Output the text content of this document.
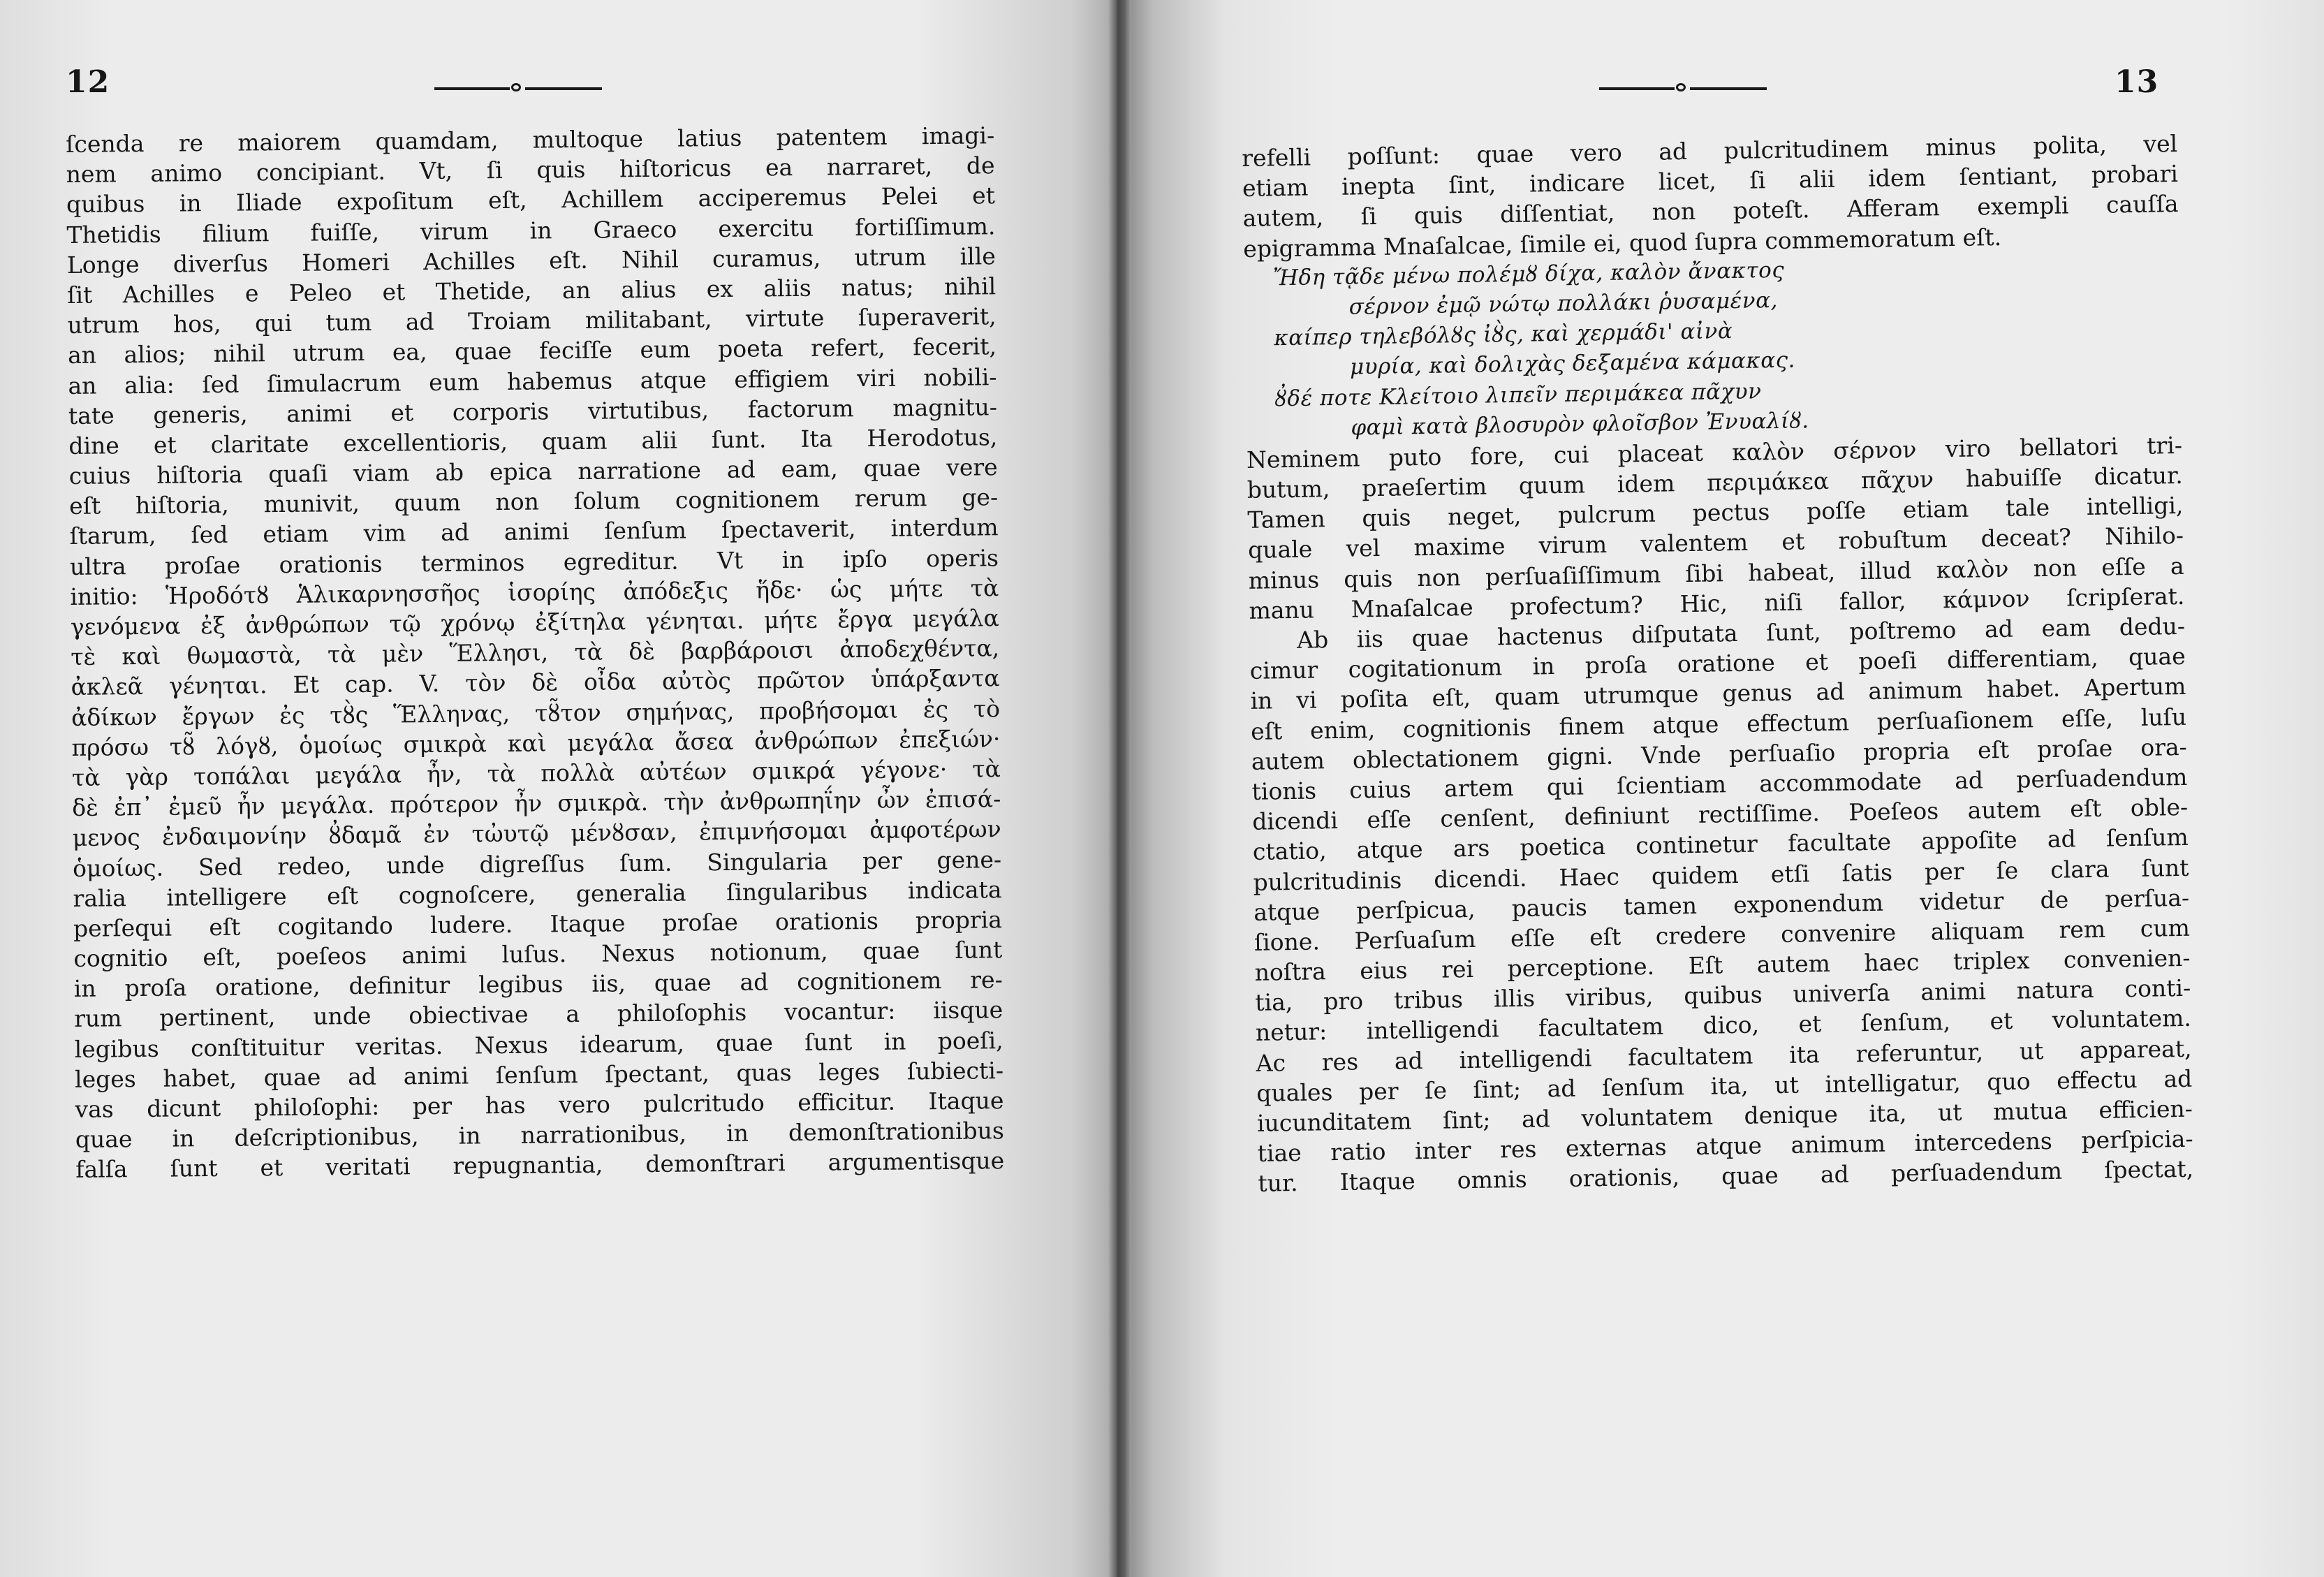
12
ſcenda re maiorem quamdam, multoque latius patentem imagi-
nem animo concipiant. Vt, ſi quis hiſtoricus ea narraret, de
quibus in Iliade expoſitum eſt, Achillem acciperemus Pelei et
Thetidis filium fuiſſe, virum in Graeco exercitu fortiſſimum.
Longe diverſus Homeri Achilles eſt. Nihil curamus, utrum ille
ſit Achilles e Peleo et Thetide, an alius ex aliis natus; nihil
utrum hos, qui tum ad Troiam militabant, virtute ſuperaverit,
an alios; nihil utrum ea, quae feciſſe eum poeta refert, fecerit,
an alia: ſed ſimulacrum eum habemus atque effigiem viri nobili-
tate generis, animi et corporis virtutibus, factorum magnitu-
dine et claritate excellentioris, quam alii ſunt. Ita Herodotus,
cuius hiſtoria quaſi viam ab epica narratione ad eam, quae vere
eſt hiſtoria, munivit, quum non ſolum cognitionem rerum ge-
ſtarum, ſed etiam vim ad animi ſenſum ſpectaverit, interdum
ultra proſae orationis terminos egreditur. Vt in ipſo operis
initio: Ἡροδότȣ Ἁλικαρνησσῆος ἱσορίης ἀπόδεξις ἥδε· ὡς μήτε τὰ
γενόμενα ἐξ ἀνθρώπων τῷ χρόνῳ ἐξίτηλα γένηται. μήτε ἔργα μεγάλα
τὲ καὶ θωμαστὰ, τὰ μὲν Ἕλλησι, τὰ δὲ βαρβάροισι ἀποδεχθέντα,
ἀκλεᾶ γένηται. Et cap. V. τὸν δὲ οἶδα αὐτὸς πρῶτον ὑπάρξαντα
ἀδίκων ἔργων ἐς τȣ̀ς Ἕλληνας, τȣ̃τον σημήνας, προβήσομαι ἐς τὸ
πρόσω τȣ̃ λόγȣ, ὁμοίως σμικρὰ καὶ μεγάλα ἄσεα ἀνθρώπων ἐπεξιών·
τὰ γὰρ τοπάλαι μεγάλα ἦν, τὰ πολλὰ αὐτέων σμικρά γέγονε· τὰ
δὲ ἐπ᾽ ἐμεῦ ἦν μεγάλα. πρότερον ἦν σμικρὰ. τὴν ἀνθρωπηΐην ὦν ἐπισά-
μενος ἐνδαιμονίην ȣ̓δαμᾶ ἐν τὠυτῷ μένȣσαν, ἐπιμνήσομαι ἀμφοτέρων
ὁμοίως. Sed redeo, unde digreſſus ſum. Singularia per gene-
ralia intelligere eſt cognoſcere, generalia ſingularibus indicata
perſequi eſt cogitando ludere. Itaque proſae orationis propria
cognitio eſt, poeſeos animi luſus. Nexus notionum, quae ſunt
in proſa oratione, definitur legibus iis, quae ad cognitionem re-
rum pertinent, unde obiectivae a philoſophis vocantur: iisque
legibus conſtituitur veritas. Nexus idearum, quae ſunt in poeſi,
leges habet, quae ad animi ſenſum ſpectant, quas leges ſubiecti-
vas dicunt philoſophi: per has vero pulcritudo efficitur. Itaque
quae in deſcriptionibus, in narrationibus, in demonſtrationibus
falſa ſunt et veritati repugnantia, demonſtrari argumentisque
13
refelli poſſunt: quae vero ad pulcritudinem minus polita, vel
etiam inepta ſint, indicare licet, ſi alii idem ſentiant, probari
autem, ſi quis diſſentiat, non poteſt. Afferam exempli cauſſa
epigramma Mnaſalcae, ſimile ei, quod ſupra commemoratum eſt.
Ἤδη τᾷδε μένω πολέμȣ δίχα, καλὸν ἄνακτος
σέρνον ἐμῷ νώτῳ πολλάκι ῥυσαμένα,
καίπερ τηλεβόλȣς ἰȣ̀ς, καὶ χερμάδι' αἰνὰ
μυρία, καὶ δολιχὰς δεξαμένα κάμακας.
ȣ̓δέ ποτε Κλείτοιο λιπεῖν περιμάκεα πᾶχυν
φαμὶ κατὰ βλοσυρὸν φλοῖσβον Ἐνυαλίȣ.
Neminem puto fore, cui placeat καλὸν σέρνον viro bellatori tri-
butum, praeſertim quum idem περιμάκεα πᾶχυν habuiſſe dicatur.
Tamen quis neget, pulcrum pectus poſſe etiam tale intelligi,
quale vel maxime virum valentem et robuſtum deceat? Nihilo-
minus quis non perſuaſiſſimum ſibi habeat, illud καλὸν non eſſe a
manu Mnaſalcae profectum? Hic, niſi fallor, κάμνον ſcripſerat.
Ab iis quae hactenus diſputata ſunt, poſtremo ad eam dedu-
cimur cogitationum in proſa oratione et poeſi differentiam, quae
in vi poſita eſt, quam utrumque genus ad animum habet. Apertum
eſt enim, cognitionis finem atque effectum perſuaſionem eſſe, luſu
autem oblectationem gigni. Vnde perſuaſio propria eſt proſae ora-
tionis cuius artem qui ſcientiam accommodate ad perſuadendum
dicendi eſſe cenſent, definiunt rectiſſime. Poeſeos autem eſt oble-
ctatio, atque ars poetica continetur facultate appoſite ad ſenſum
pulcritudinis dicendi. Haec quidem etſi ſatis per ſe clara ſunt
atque perſpicua, paucis tamen exponendum videtur de perſua-
ſione. Perſuaſum eſſe eſt credere convenire aliquam rem cum
noſtra eius rei perceptione. Eſt autem haec triplex convenien-
tia, pro tribus illis viribus, quibus univerſa animi natura conti-
netur: intelligendi facultatem dico, et ſenſum, et voluntatem.
Ac res ad intelligendi facultatem ita referuntur, ut appareat,
quales per ſe ſint; ad ſenſum ita, ut intelligatur, quo effectu ad
iucunditatem ſint; ad voluntatem denique ita, ut mutua efficien-
tiae ratio inter res externas atque animum intercedens perſpicia-
tur. Itaque omnis orationis, quae ad perſuadendum ſpectat,
